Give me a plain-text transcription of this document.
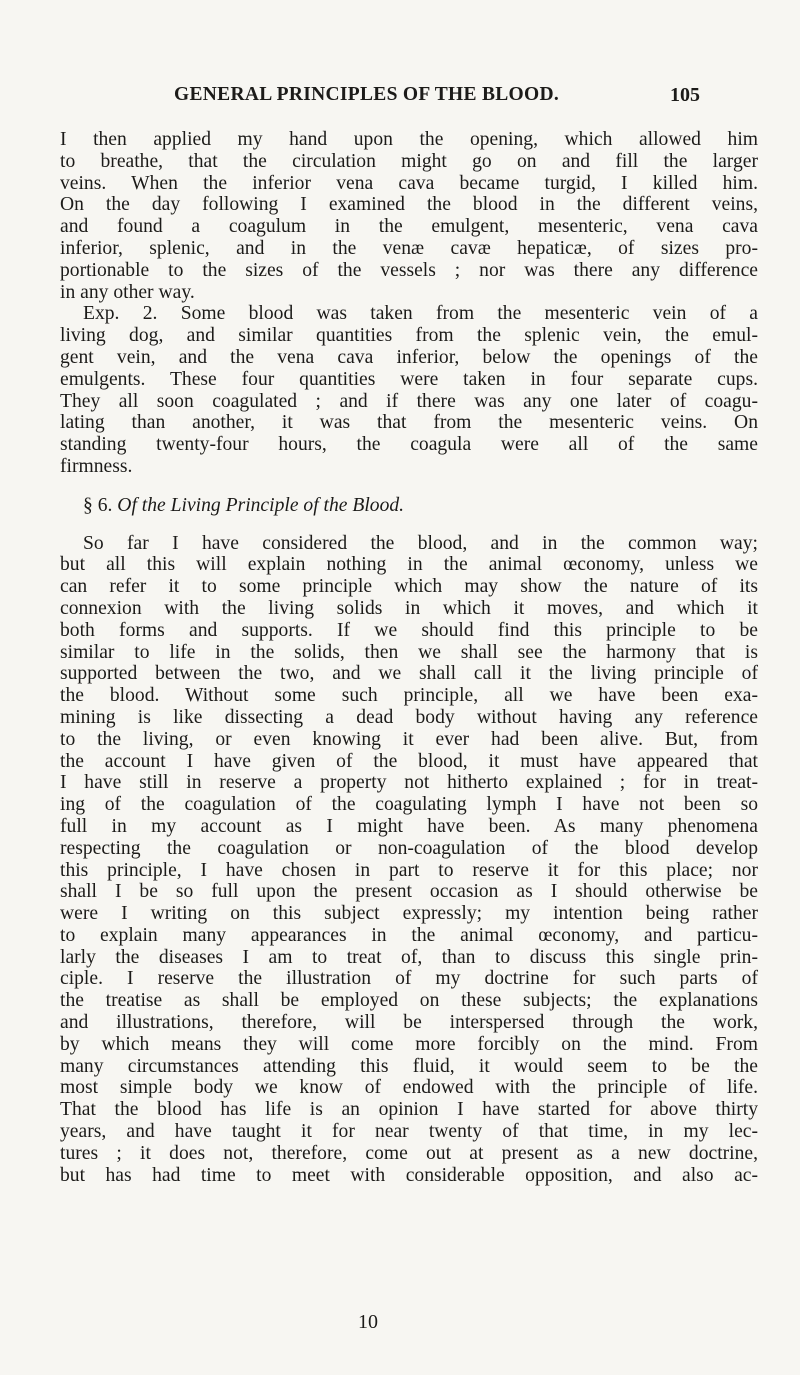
GENERAL PRINCIPLES OF THE BLOOD.	105
I then applied my hand upon the opening, which allowed him
to breathe, that the circulation might go on and fill the larger
veins. When the inferior vena cava became turgid, I killed him.
On the day following I examined the blood in the different veins,
and found a coagulum in the emulgent, mesenteric, vena cava
inferior, splenic, and in the venæ cavæ hepaticæ, of sizes pro-
portionable to the sizes of the vessels ; nor was there any difference
in any other way.
Exp. 2. Some blood was taken from the mesenteric vein of a
living dog, and similar quantities from the splenic vein, the emul-
gent vein, and the vena cava inferior, below the openings of the
emulgents. These four quantities were taken in four separate cups.
They all soon coagulated ; and if there was any one later of coagu-
lating than another, it was that from the mesenteric veins. On
standing twenty-four hours, the coagula were all of the same
firmness.
§ 6. Of the Living Principle of the Blood.
So far I have considered the blood, and in the common way;
but all this will explain nothing in the animal œconomy, unless we
can refer it to some principle which may show the nature of its
connexion with the living solids in which it moves, and which it
both forms and supports. If we should find this principle to be
similar to life in the solids, then we shall see the harmony that is
supported between the two, and we shall call it the living principle of
the blood. Without some such principle, all we have been exa-
mining is like dissecting a dead body without having any reference
to the living, or even knowing it ever had been alive. But, from
the account I have given of the blood, it must have appeared that
I have still in reserve a property not hitherto explained ; for in treat-
ing of the coagulation of the coagulating lymph I have not been so
full in my account as I might have been. As many phenomena
respecting the coagulation or non-coagulation of the blood develop
this principle, I have chosen in part to reserve it for this place; nor
shall I be so full upon the present occasion as I should otherwise be
were I writing on this subject expressly; my intention being rather
to explain many appearances in the animal œconomy, and particu-
larly the diseases I am to treat of, than to discuss this single prin-
ciple. I reserve the illustration of my doctrine for such parts of
the treatise as shall be employed on these subjects; the explanations
and illustrations, therefore, will be interspersed through the work,
by which means they will come more forcibly on the mind. From
many circumstances attending this fluid, it would seem to be the
most simple body we know of endowed with the principle of life.
That the blood has life is an opinion I have started for above thirty
years, and have taught it for near twenty of that time, in my lec-
tures ; it does not, therefore, come out at present as a new doctrine,
but has had time to meet with considerable opposition, and also ac-
10
